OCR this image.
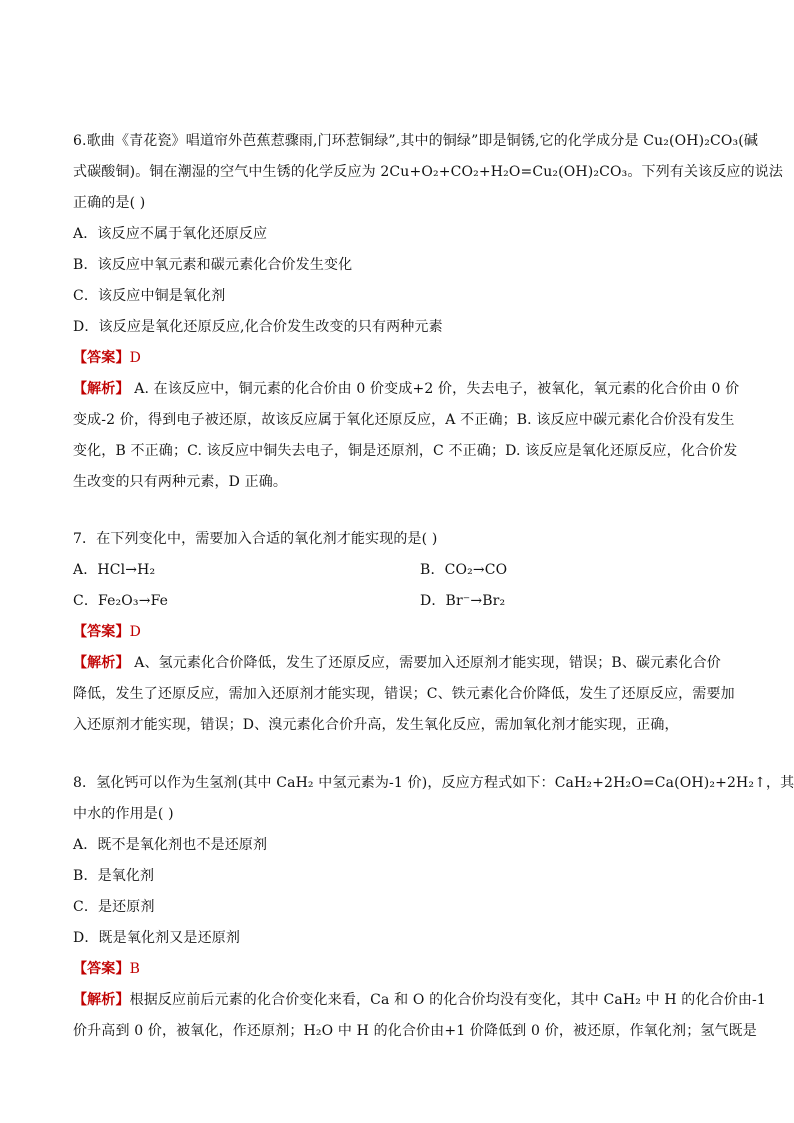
6.歌曲《青花瓷》唱道帘外芭蕉惹骤雨,门环惹铜绿”,其中的铜绿”即是铜锈,它的化学成分是 Cu₂(OH)₂CO₃(碱
式碳酸铜)。铜在潮湿的空气中生锈的化学反应为 2Cu+O₂+CO₂+H₂O=Cu₂(OH)₂CO₃。下列有关该反应的说法
正确的是( )
A．该反应不属于氧化还原反应
B．该反应中氧元素和碳元素化合价发生变化
C．该反应中铜是氧化剂
D．该反应是氧化还原反应,化合价发生改变的只有两种元素
【答案】D
【解析】 A. 在该反应中，铜元素的化合价由 0 价变成+2 价，失去电子，被氧化，氧元素的化合价由 0 价
变成-2 价，得到电子被还原，故该反应属于氧化还原反应，A 不正确；B. 该反应中碳元素化合价没有发生
变化，B 不正确；C. 该反应中铜失去电子，铜是还原剂，C 不正确；D. 该反应是氧化还原反应，化合价发
生改变的只有两种元素，D 正确。
7．在下列变化中，需要加入合适的氧化剂才能实现的是( )
A．HCl→H₂	B．CO₂→CO
C．Fe₂O₃→Fe	D．Br⁻→Br₂
【答案】D
【解析】 A、氢元素化合价降低，发生了还原反应，需要加入还原剂才能实现，错误；B、碳元素化合价
降低，发生了还原反应，需加入还原剂才能实现，错误；C、铁元素化合价降低，发生了还原反应，需要加
入还原剂才能实现，错误；D、溴元素化合价升高，发生氧化反应，需加氧化剂才能实现，正确，
8．氢化钙可以作为生氢剂(其中 CaH₂ 中氢元素为-1 价)，反应方程式如下：CaH₂+2H₂O=Ca(OH)₂+2H₂↑，其
中水的作用是( )
A．既不是氧化剂也不是还原剂
B．是氧化剂
C．是还原剂
D．既是氧化剂又是还原剂
【答案】B
【解析】根据反应前后元素的化合价变化来看，Ca 和 O 的化合价均没有变化，其中 CaH₂ 中 H 的化合价由-1
价升高到 0 价，被氧化，作还原剂；H₂O 中 H 的化合价由+1 价降低到 0 价，被还原，作氧化剂；氢气既是
